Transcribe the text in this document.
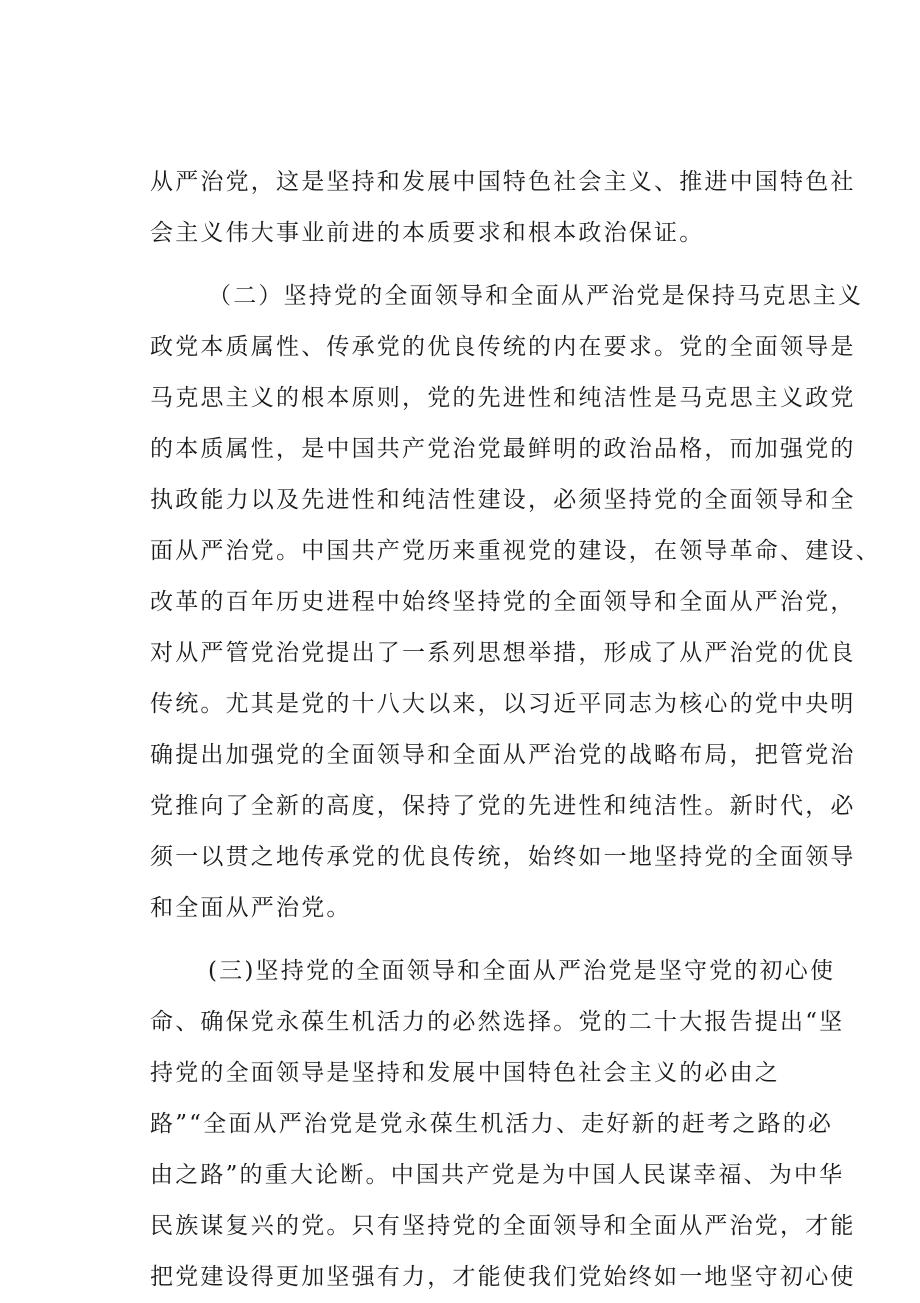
从严治党，这是坚持和发展中国特色社会主义、推进中国特色社
会主义伟大事业前进的本质要求和根本政治保证。
（二）坚持党的全面领导和全面从严治党是保持马克思主义
政党本质属性、传承党的优良传统的内在要求。党的全面领导是
马克思主义的根本原则，党的先进性和纯洁性是马克思主义政党
的本质属性，是中国共产党治党最鲜明的政治品格，而加强党的
执政能力以及先进性和纯洁性建设，必须坚持党的全面领导和全
面从严治党。中国共产党历来重视党的建设，在领导革命、建设、
改革的百年历史进程中始终坚持党的全面领导和全面从严治党，
对从严管党治党提出了一系列思想举措，形成了从严治党的优良
传统。尤其是党的十八大以来，以习近平同志为核心的党中央明
确提出加强党的全面领导和全面从严治党的战略布局，把管党治
党推向了全新的高度，保持了党的先进性和纯洁性。新时代，必
须一以贯之地传承党的优良传统，始终如一地坚持党的全面领导
和全面从严治党。
(三)坚持党的全面领导和全面从严治党是坚守党的初心使
命、确保党永葆生机活力的必然选择。党的二十大报告提出“坚
持党的全面领导是坚持和发展中国特色社会主义的必由之
路”“全面从严治党是党永葆生机活力、走好新的赶考之路的必
由之路”的重大论断。中国共产党是为中国人民谋幸福、为中华
民族谋复兴的党。只有坚持党的全面领导和全面从严治党，才能
把党建设得更加坚强有力，才能使我们党始终如一地坚守初心使
